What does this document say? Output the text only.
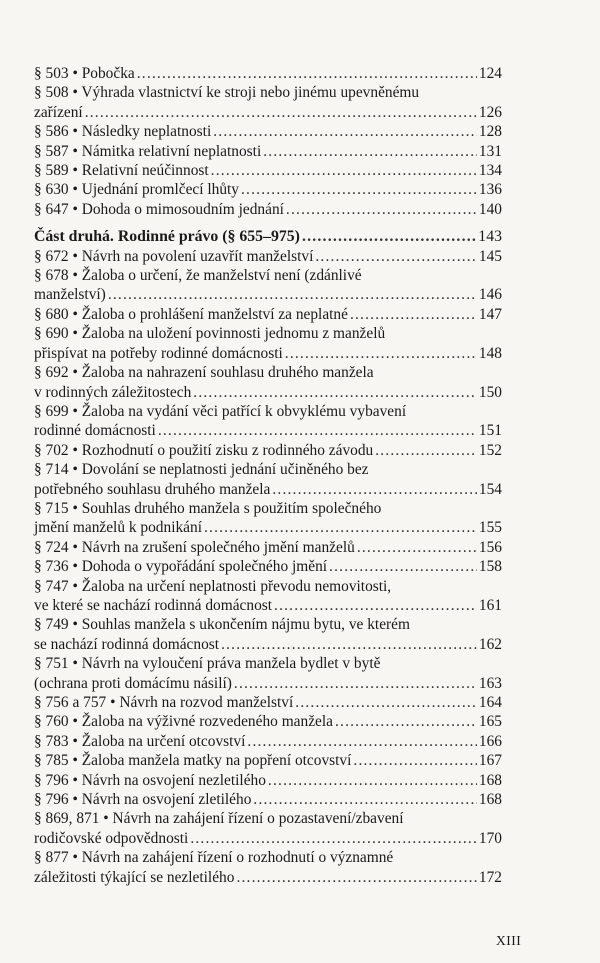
§ 503 • Pobočka .....	124
§ 508 • Výhrada vlastnictví ke stroji nebo jinému upevněnému
zařízení .....	126
§ 586 • Následky neplatnosti .....	128
§ 587 • Námitka relativní neplatnosti .....	131
§ 589 • Relativní neúčinnost .....	134
§ 630 • Ujednání promlčecí lhůty .....	136
§ 647 • Dohoda o mimosoudním jednání .....	140
Část druhá. Rodinné právo (§ 655–975) .....	143
§ 672 • Návrh na povolení uzavřít manželství .....	145
§ 678 • Žaloba o určení, že manželství není (zdánlivé
manželství) .....	146
§ 680 • Žaloba o prohlášení manželství za neplatné .....	147
§ 690 • Žaloba na uložení povinnosti jednomu z manželů
přispívat na potřeby rodinné domácnosti .....	148
§ 692 • Žaloba na nahrazení souhlasu druhého manžela
v rodinných záležitostech .....	150
§ 699 • Žaloba na vydání věci patřící k obvyklému vybavení
rodinné domácnosti .....	151
§ 702 • Rozhodnutí o použití zisku z rodinného závodu .....	152
§ 714 • Dovolání se neplatnosti jednání učiněného bez
potřebného souhlasu druhého manžela .....	154
§ 715 • Souhlas druhého manžela s použitím společného
jmění manželů k podnikání .....	155
§ 724 • Návrh na zrušení společného jmění manželů .....	156
§ 736 • Dohoda o vypořádání společného jmění .....	158
§ 747 • Žaloba na určení neplatnosti převodu nemovitosti,
ve které se nachází rodinná domácnost .....	161
§ 749 • Souhlas manžela s ukončením nájmu bytu, ve kterém
se nachází rodinná domácnost .....	162
§ 751 • Návrh na vyloučení práva manžela bydlet v bytě
(ochrana proti domácímu násilí) .....	163
§ 756 a 757 • Návrh na rozvod manželství .....	164
§ 760 • Žaloba na výživné rozvedeného manžela .....	165
§ 783 • Žaloba na určení otcovství .....	166
§ 785 • Žaloba manžela matky na popření otcovství .....	167
§ 796 • Návrh na osvojení nezletilého .....	168
§ 796 • Návrh na osvojení zletilého .....	168
§ 869, 871 • Návrh na zahájení řízení o pozastavení/zbavení
rodičovské odpovědnosti .....	170
§ 877 • Návrh na zahájení řízení o rozhodnutí o významné
záležitosti týkající se nezletilého .....	172
XIII
